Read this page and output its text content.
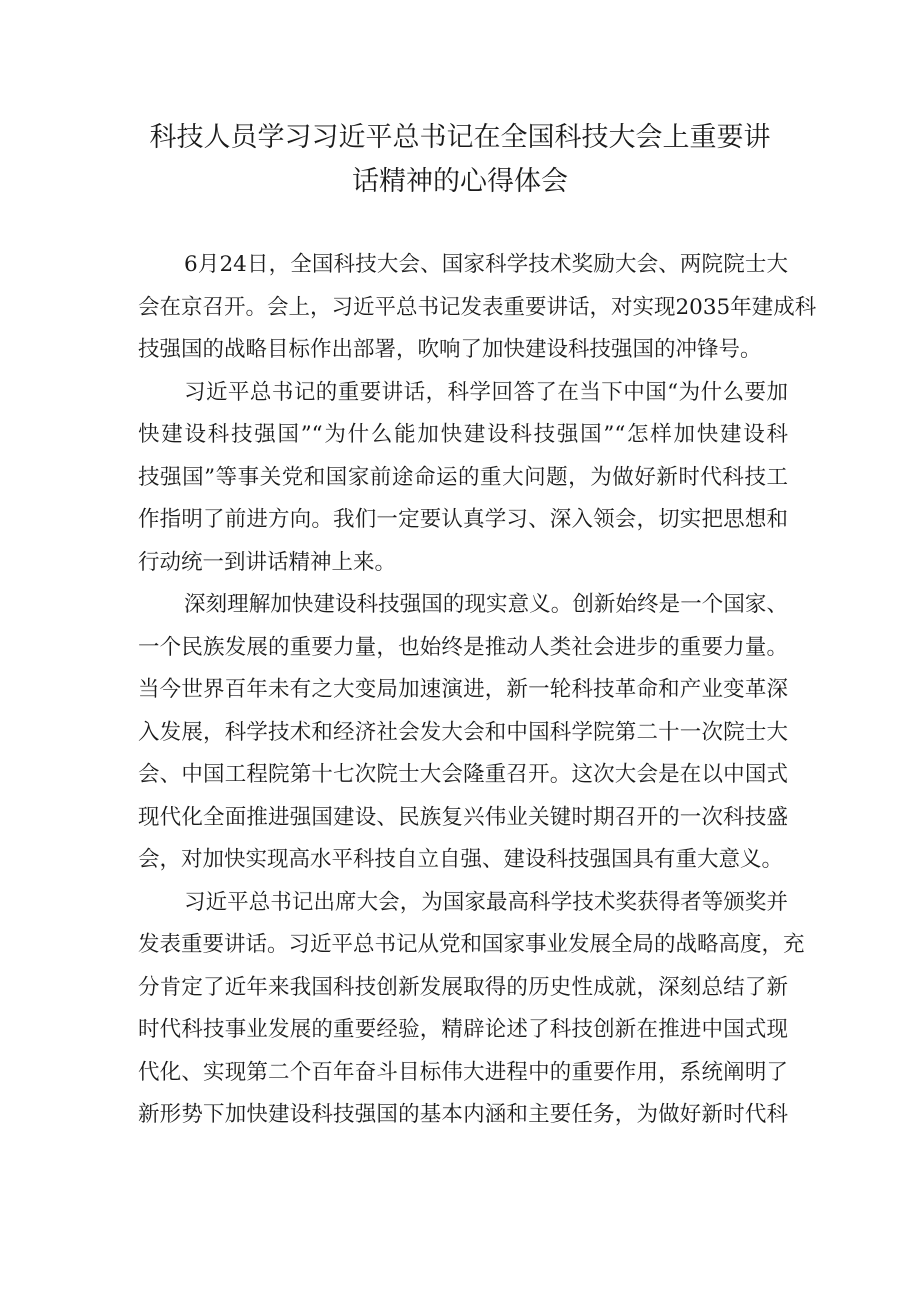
科技人员学习习近平总书记在全国科技大会上重要讲
话精神的心得体会
6月24日，全国科技大会、国家科学技术奖励大会、两院院士大
会在京召开。会上，习近平总书记发表重要讲话，对实现2035年建成科
技强国的战略目标作出部署，吹响了加快建设科技强国的冲锋号。
习近平总书记的重要讲话，科学回答了在当下中国“为什么要加
快建设科技强国”“为什么能加快建设科技强国”“怎样加快建设科
技强国”等事关党和国家前途命运的重大问题，为做好新时代科技工
作指明了前进方向。我们一定要认真学习、深入领会，切实把思想和
行动统一到讲话精神上来。
深刻理解加快建设科技强国的现实意义。创新始终是一个国家、
一个民族发展的重要力量，也始终是推动人类社会进步的重要力量。
当今世界百年未有之大变局加速演进，新一轮科技革命和产业变革深
入发展，科学技术和经济社会发大会和中国科学院第二十一次院士大
会、中国工程院第十七次院士大会隆重召开。这次大会是在以中国式
现代化全面推进强国建设、民族复兴伟业关键时期召开的一次科技盛
会，对加快实现高水平科技自立自强、建设科技强国具有重大意义。
习近平总书记出席大会，为国家最高科学技术奖获得者等颁奖并
发表重要讲话。习近平总书记从党和国家事业发展全局的战略高度，充
分肯定了近年来我国科技创新发展取得的历史性成就，深刻总结了新
时代科技事业发展的重要经验，精辟论述了科技创新在推进中国式现
代化、实现第二个百年奋斗目标伟大进程中的重要作用，系统阐明了
新形势下加快建设科技强国的基本内涵和主要任务，为做好新时代科
